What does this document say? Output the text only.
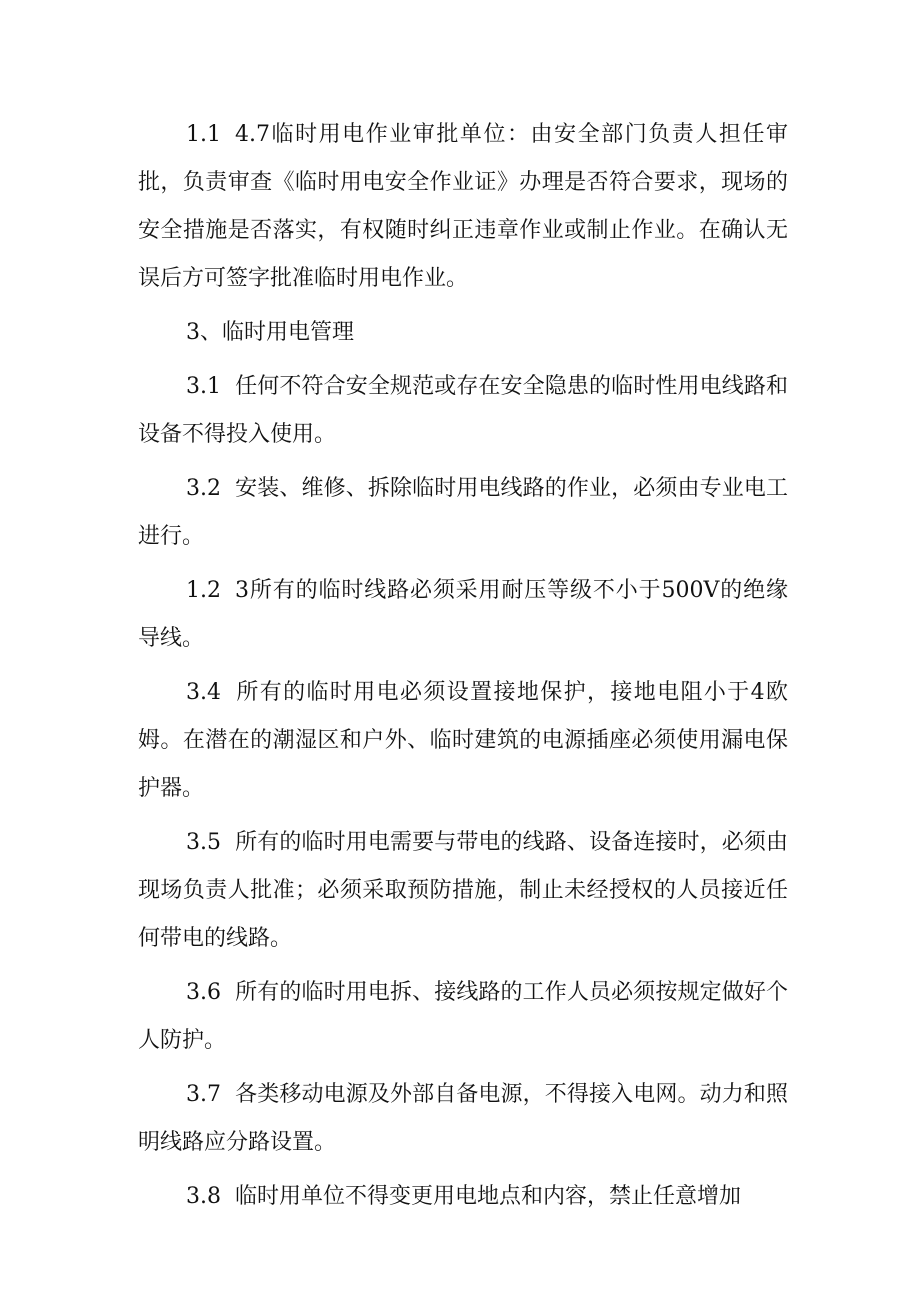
1.1 4.7临时用电作业审批单位：由安全部门负责人担任审批，负责审查《临时用电安全作业证》办理是否符合要求，现场的安全措施是否落实，有权随时纠正违章作业或制止作业。在确认无误后方可签字批准临时用电作业。

3、临时用电管理

3.1 任何不符合安全规范或存在安全隐患的临时性用电线路和设备不得投入使用。

3.2 安装、维修、拆除临时用电线路的作业，必须由专业电工进行。

1.2 3所有的临时线路必须采用耐压等级不小于500V的绝缘导线。

3.4 所有的临时用电必须设置接地保护，接地电阻小于4欧姆。在潜在的潮湿区和户外、临时建筑的电源插座必须使用漏电保护器。

3.5 所有的临时用电需要与带电的线路、设备连接时，必须由现场负责人批准；必须采取预防措施，制止未经授权的人员接近任何带电的线路。

3.6 所有的临时用电拆、接线路的工作人员必须按规定做好个人防护。

3.7 各类移动电源及外部自备电源，不得接入电网。动力和照明线路应分路设置。

3.8 临时用单位不得变更用电地点和内容，禁止任意增加
